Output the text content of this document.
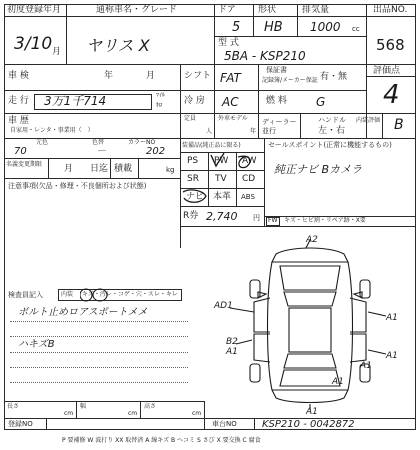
初度登録年月	通称車名・グレード	ドア 形状	排気量	出品NO.
3/10 月 ヤリス X
5 HB 1000 cc
型 式
5BA - KSP210
568
車 検	年	月	シフト FAT
保証書
記録簿/メーカー保証 有・無
評価点
4
走 行 3万1千714	ﾏｲﾙ
ｷﾛ 冷 房 AC	燃 料 G
車 歴
自家用・レンタ・事業用（　）
定員
人
外車モデル
年
ディーラー並行
ハンドル
左・右
内装評価 B
元色	色替	カラーNO
70	－	202
名義変更期限	月 日迄 積載	kg
注意事項(欠品・修理・不良個所および状態)
装備品(純正品に限る)
PS PW AW
SR TV CD
ナビ 本革 ABS
R券 2,740 円
セールスポイント(正常に機能するもの)
純正ナビ Bカメラ
FW キズ・ヒビ割・リペア跡・X要
検査員記入	内装 キズ・汚レ・コゲ・穴・スレ・キレ
ボルト止めロアスポートメメ
ハキズB
A2
AD1
A1
B2
A1	A1
A1
A1
A1
長さ
cm
幅
cm
高さ
cm
登録NO	車台NO	KSP210 - 0042872
P 要補修 W 波打り XX 取替済 A 線キズ B ヘコミ S さび X 要交換 C 腐食
